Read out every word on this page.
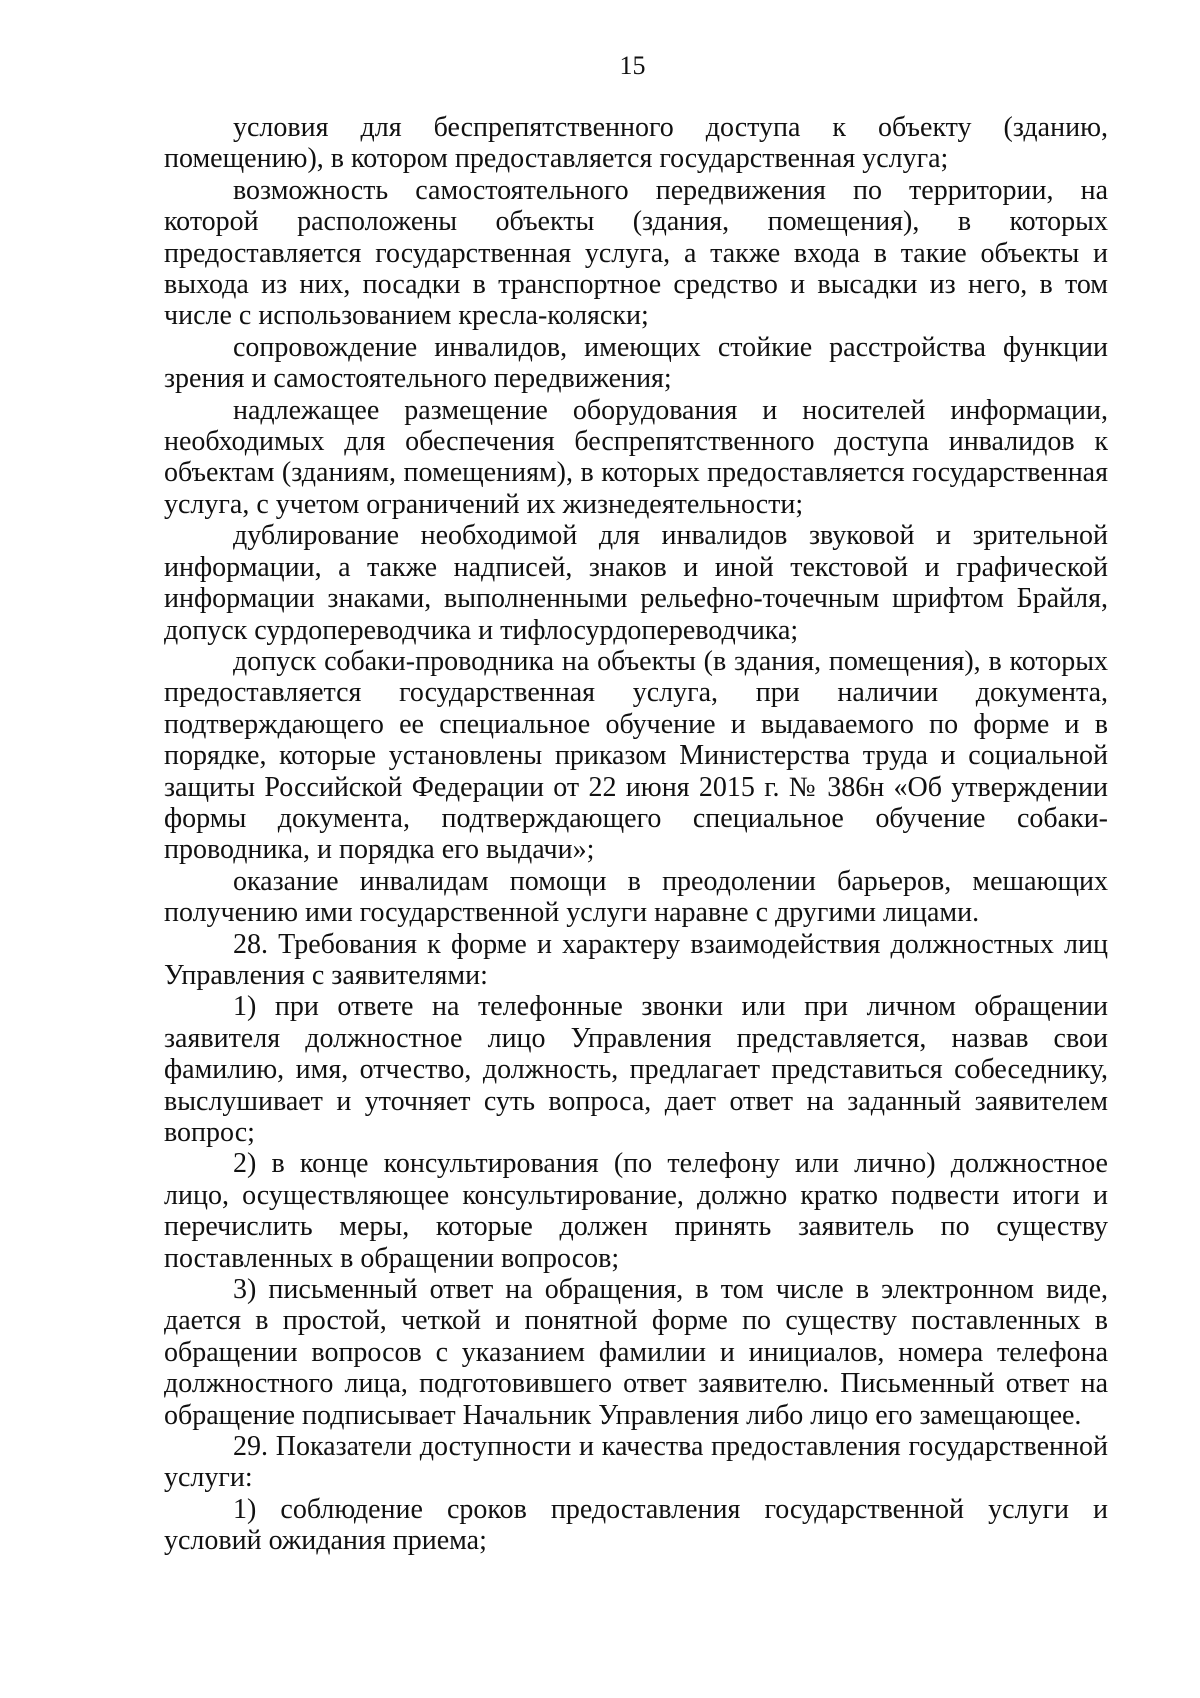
15

условия для беспрепятственного доступа к объекту (зданию, помещению), в котором предоставляется государственная услуга;

возможность самостоятельного передвижения по территории, на которой расположены объекты (здания, помещения), в которых предоставляется государственная услуга, а также входа в такие объекты и выхода из них, посадки в транспортное средство и высадки из него, в том числе с использованием кресла-коляски;

сопровождение инвалидов, имеющих стойкие расстройства функции зрения и самостоятельного передвижения;

надлежащее размещение оборудования и носителей информации, необходимых для обеспечения беспрепятственного доступа инвалидов к объектам (зданиям, помещениям), в которых предоставляется государственная услуга, с учетом ограничений их жизнедеятельности;

дублирование необходимой для инвалидов звуковой и зрительной информации, а также надписей, знаков и иной текстовой и графической информации знаками, выполненными рельефно-точечным шрифтом Брайля, допуск сурдопереводчика и тифлосурдопереводчика;

допуск собаки-проводника на объекты (в здания, помещения), в которых предоставляется государственная услуга, при наличии документа, подтверждающего ее специальное обучение и выдаваемого по форме и в порядке, которые установлены приказом Министерства труда и социальной защиты Российской Федерации от 22 июня 2015 г. № 386н «Об утверждении формы документа, подтверждающего специальное обучение собаки-проводника, и порядка его выдачи»;

оказание инвалидам помощи в преодолении барьеров, мешающих получению ими государственной услуги наравне с другими лицами.

28. Требования к форме и характеру взаимодействия должностных лиц Управления с заявителями:

1) при ответе на телефонные звонки или при личном обращении заявителя должностное лицо Управления представляется, назвав свои фамилию, имя, отчество, должность, предлагает представиться собеседнику, выслушивает и уточняет суть вопроса, дает ответ на заданный заявителем вопрос;

2) в конце консультирования (по телефону или лично) должностное лицо, осуществляющее консультирование, должно кратко подвести итоги и перечислить меры, которые должен принять заявитель по существу поставленных в обращении вопросов;

3) письменный ответ на обращения, в том числе в электронном виде, дается в простой, четкой и понятной форме по существу поставленных в обращении вопросов с указанием фамилии и инициалов, номера телефона должностного лица, подготовившего ответ заявителю. Письменный ответ на обращение подписывает Начальник Управления либо лицо его замещающее.

29. Показатели доступности и качества предоставления государственной услуги:

1) соблюдение сроков предоставления государственной услуги и условий ожидания приема;
